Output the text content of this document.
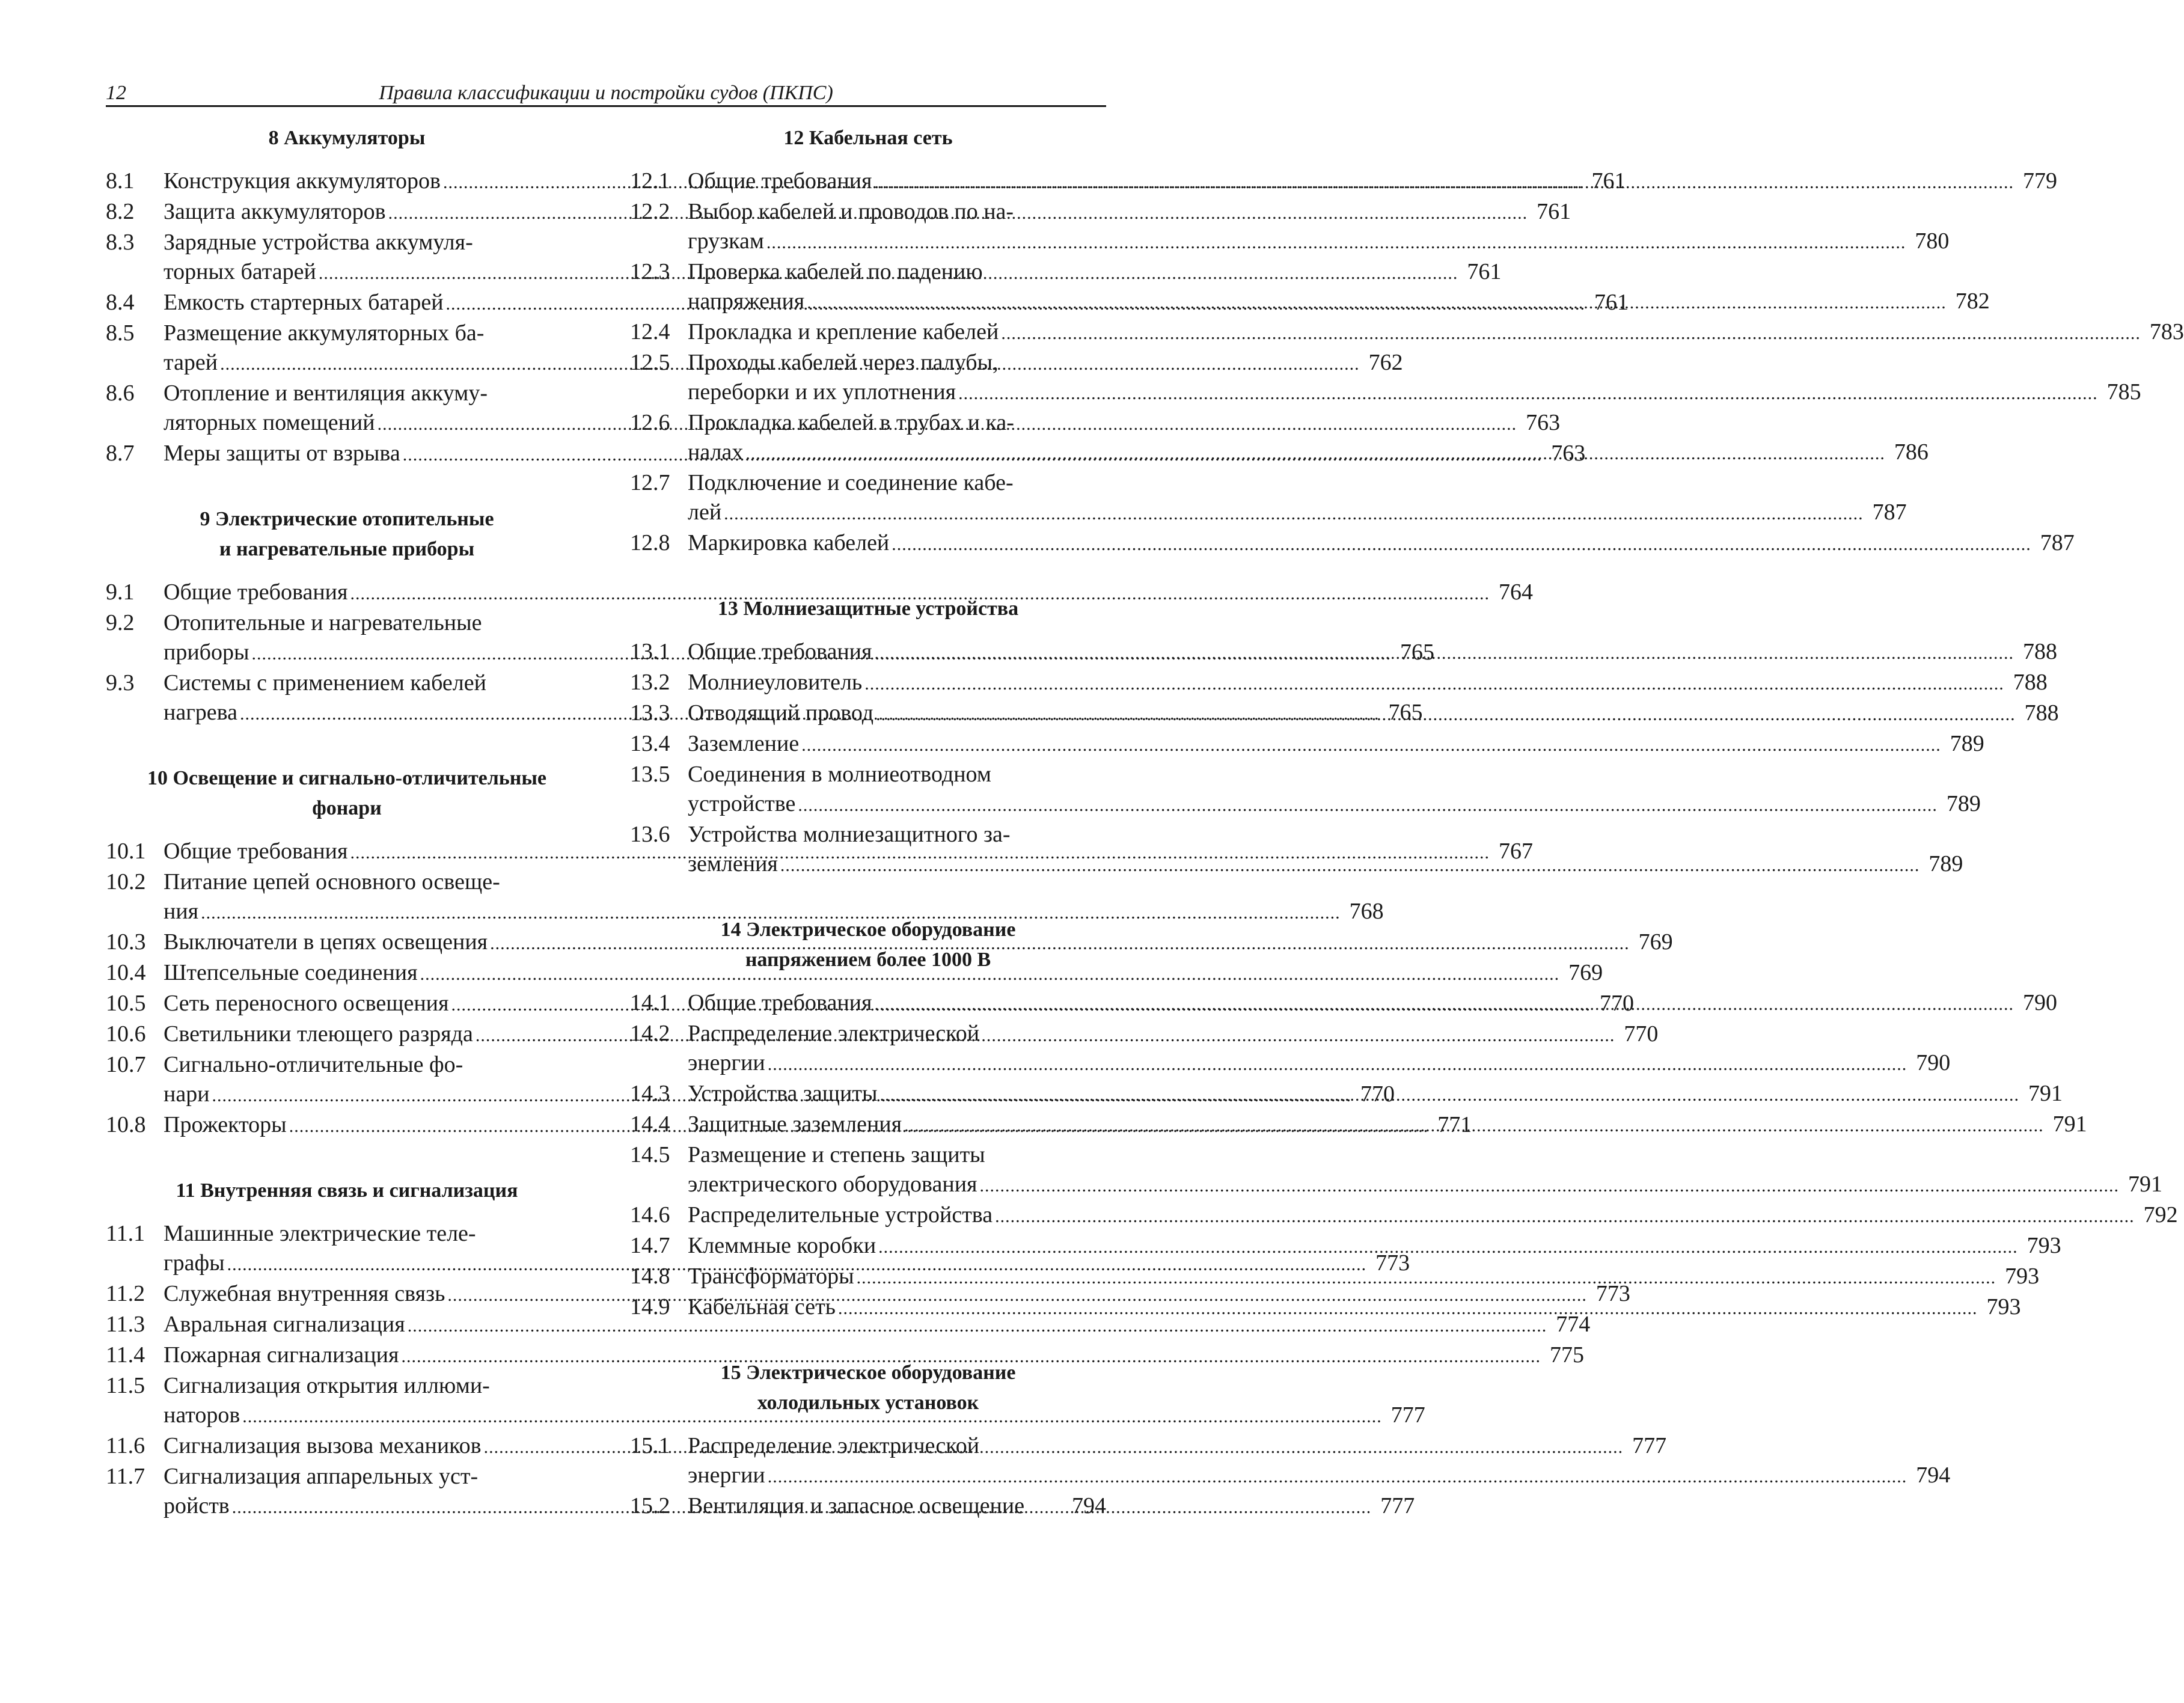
12	Правила классификации и постройки судов (ПКПС)
8 Аккумуляторы
8.1	Конструкция аккумуляторов .....	761
8.2	Защита аккумуляторов .....	761
8.3	Зарядные устройства аккумуля-
торных батарей .....	761
8.4	Емкость стартерных батарей .....	761
8.5	Размещение аккумуляторных ба-
тарей .....	762
8.6	Отопление и вентиляция аккуму-
ляторных помещений .....	763
8.7	Меры защиты от взрыва .....	763
9 Электрические отопительные
и нагревательные приборы
9.1	Общие требования .....	764
9.2	Отопительные и нагревательные
приборы .....	765
9.3	Системы с применением кабелей
нагрева .....	765
10 Освещение и сигнально-отличительные
фонари
10.1 Общие требования .....	767
10.2 Питание цепей основного освеще-
ния .....	768
10.3 Выключатели в цепях освещения .....	769
10.4 Штепсельные соединения .....	769
10.5 Сеть переносного освещения .....	770
10.6 Светильники тлеющего разряда .....	770
10.7 Сигнально-отличительные фо-
нари .....	770
10.8 Прожекторы .....	771
11 Внутренняя связь и сигнализация
11.1 Машинные электрические теле-
графы .....	773
11.2 Служебная внутренняя связь .....	773
11.3 Авральная сигнализация .....	774
11.4 Пожарная сигнализация .....	775
11.5 Сигнализация открытия иллюми-
наторов .....	777
11.6 Сигнализация вызова механиков .....	777
11.7 Сигнализация аппарельных уст-
ройств .....	777
12 Кабельная сеть
12.1 Общие требования .....	779
12.2 Выбор кабелей и проводов по на-
грузкам .....	780
12.3 Проверка кабелей по падению
напряжения .....	782
12.4 Прокладка и крепление кабелей .....	783
12.5 Проходы кабелей через палубы,
переборки и их уплотнения .....	785
12.6 Прокладка кабелей в трубах и ка-
налах .....	786
12.7 Подключение и соединение кабе-
лей .....	787
12.8 Маркировка кабелей .....	787
13 Молниезащитные устройства
13.1 Общие требования .....	788
13.2 Молниеуловитель .....	788
13.3 Отводящий провод .....	788
13.4 Заземление .....	789
13.5 Соединения в молниеотводном
устройстве .....	789
13.6 Устройства молниезащитного за-
земления .....	789
14 Электрическое оборудование
напряжением более 1000 В
14.1 Общие требования .....	790
14.2 Распределение электрической
энергии .....	790
14.3 Устройства защиты .....	791
14.4 Защитные заземления .....	791
14.5 Размещение и степень защиты
электрического оборудования .....	791
14.6 Распределительные устройства .....	792
14.7 Клеммные коробки .....	793
14.8 Трансформаторы .....	793
14.9 Кабельная сеть .....	793
15 Электрическое оборудование
холодильных установок
15.1 Распределение электрической
энергии .....	794
15.2 Вентиляция и запасное освещение 794
